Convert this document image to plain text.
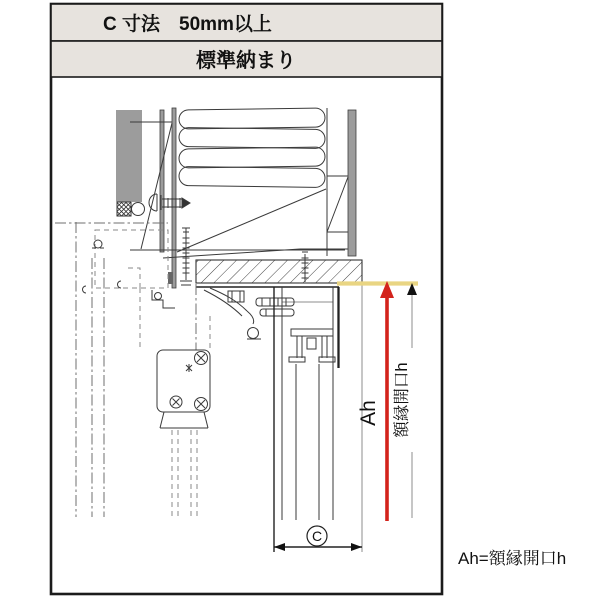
C 寸法　50mm以上
標準納まり
Ah 額縁開口h
C
Ah=額縁開口h
